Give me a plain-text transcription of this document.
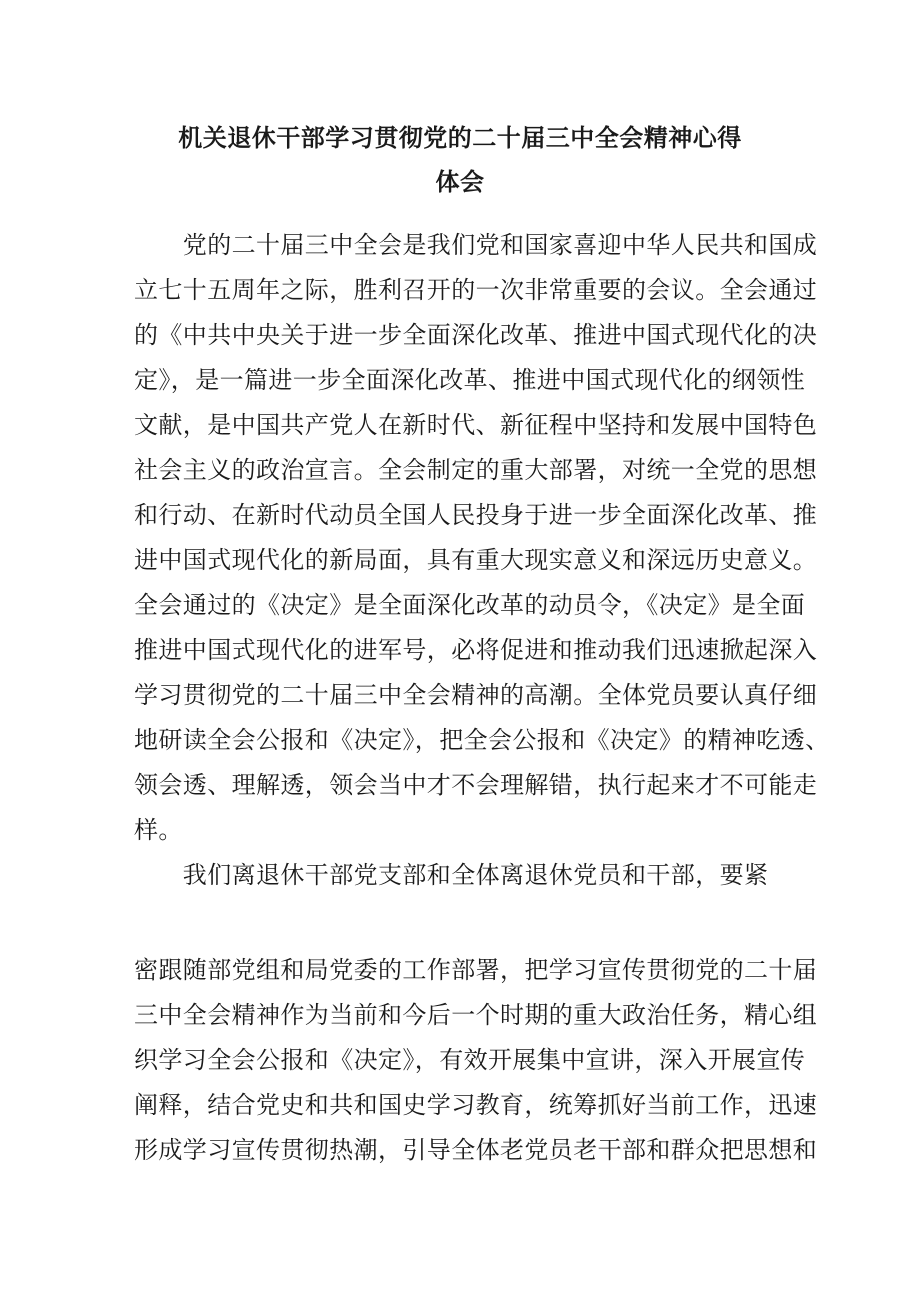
机关退休干部学习贯彻党的二十届三中全会精神心得
体会
　　党的二十届三中全会是我们党和国家喜迎中华人民共和国成
立七十五周年之际，胜利召开的一次非常重要的会议。全会通过
的《中共中央关于进一步全面深化改革、推进中国式现代化的决
定》，是一篇进一步全面深化改革、推进中国式现代化的纲领性
文献，是中国共产党人在新时代、新征程中坚持和发展中国特色
社会主义的政治宣言。全会制定的重大部署，对统一全党的思想
和行动、在新时代动员全国人民投身于进一步全面深化改革、推
进中国式现代化的新局面，具有重大现实意义和深远历史意义。
全会通过的《决定》是全面深化改革的动员令，《决定》是全面
推进中国式现代化的进军号，必将促进和推动我们迅速掀起深入
学习贯彻党的二十届三中全会精神的高潮。全体党员要认真仔细
地研读全会公报和《决定》，把全会公报和《决定》的精神吃透、
领会透、理解透，领会当中才不会理解错，执行起来才不可能走
样。
　　我们离退休干部党支部和全体离退休党员和干部，要紧
密跟随部党组和局党委的工作部署，把学习宣传贯彻党的二十届
三中全会精神作为当前和今后一个时期的重大政治任务，精心组
织学习全会公报和《决定》，有效开展集中宣讲，深入开展宣传
阐释，结合党史和共和国史学习教育，统筹抓好当前工作，迅速
形成学习宣传贯彻热潮，引导全体老党员老干部和群众把思想和
